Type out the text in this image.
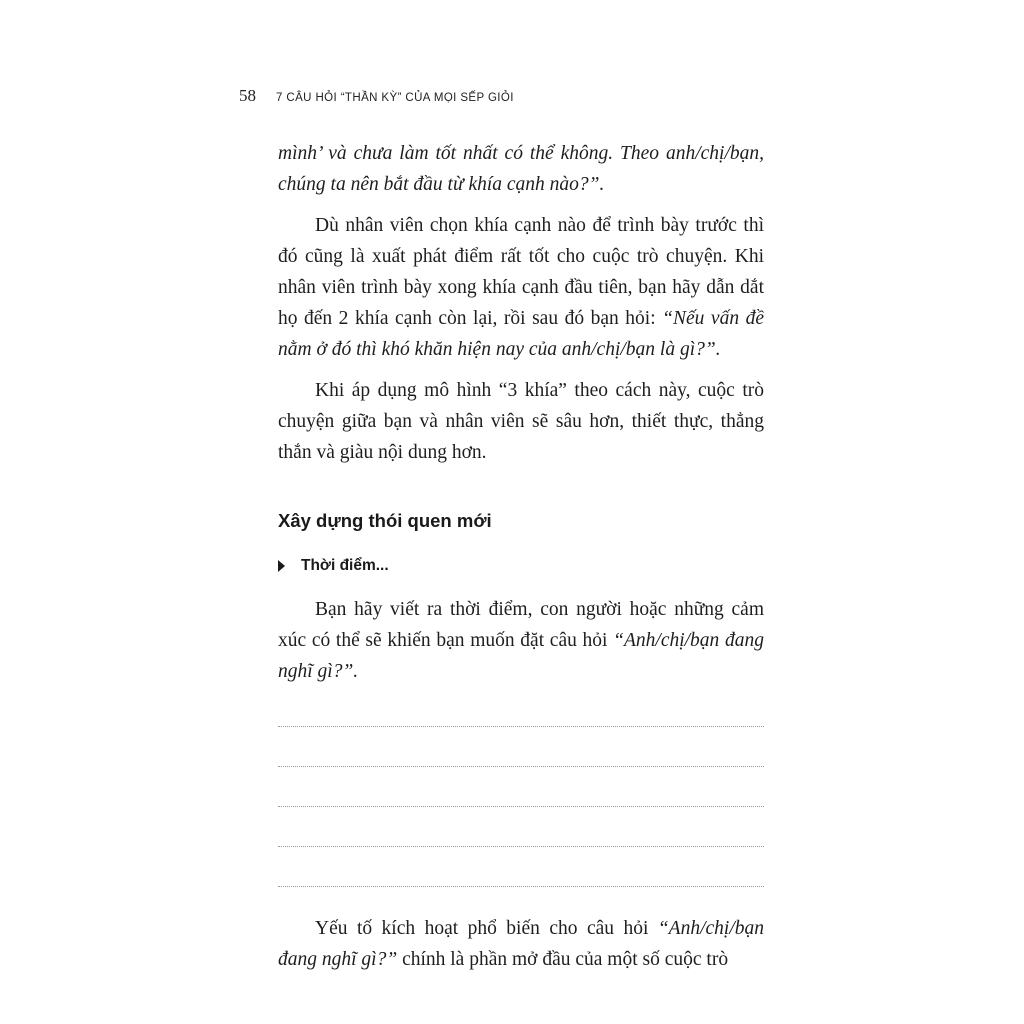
58 7 CÂU HỎI “THẦN KỲ” CỦA MỌI SẾP GIỎI

mình’ và chưa làm tốt nhất có thể không. Theo anh/chị/bạn, chúng ta nên bắt đầu từ khía cạnh nào?”.

Dù nhân viên chọn khía cạnh nào để trình bày trước thì đó cũng là xuất phát điểm rất tốt cho cuộc trò chuyện. Khi nhân viên trình bày xong khía cạnh đầu tiên, bạn hãy dẫn dắt họ đến 2 khía cạnh còn lại, rồi sau đó bạn hỏi: “Nếu vấn đề nằm ở đó thì khó khăn hiện nay của anh/chị/bạn là gì?”.

Khi áp dụng mô hình “3 khía” theo cách này, cuộc trò chuyện giữa bạn và nhân viên sẽ sâu hơn, thiết thực, thẳng thắn và giàu nội dung hơn.

Xây dựng thói quen mới
Thời điểm...

Bạn hãy viết ra thời điểm, con người hoặc những cảm xúc có thể sẽ khiến bạn muốn đặt câu hỏi “Anh/chị/bạn đang nghĩ gì?”.

Yếu tố kích hoạt phổ biến cho câu hỏi “Anh/chị/bạn đang nghĩ gì?” chính là phần mở đầu của một số cuộc trò
